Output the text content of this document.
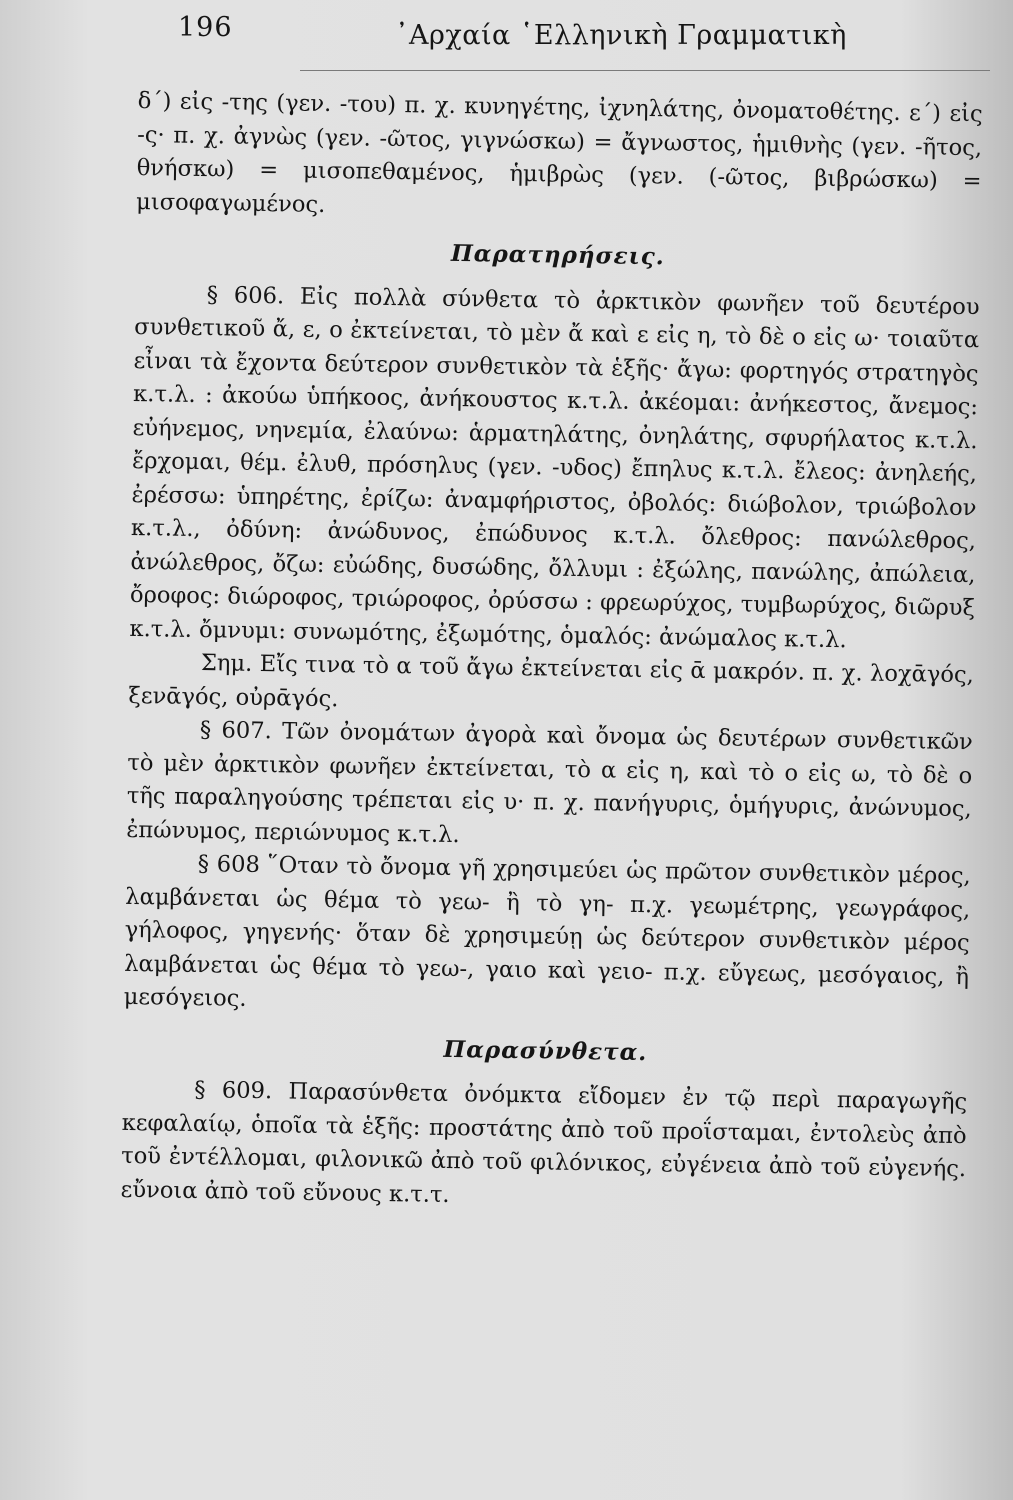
196	᾿Αρχαία ῾Ελληνικὴ Γραμματικὴ

δ΄) εἰς -της (γεν. -του) π. χ. κυνηγέτης, ἰχνηλάτης, ὀνοματοθέτης. ε΄) εἰς -ς· π. χ. ἀγνὼς (γεν. -ῶτος, γιγνώσκω) = ἄγνωστος, ἡμιθνὴς (γεν. -ῆτος, θνήσκω) = μισοπεθαμένος, ἡμιβρὼς (γεν. (-ῶτος, βιβρώσκω) = μισοφαγωμένος.

Παρατηρήσεις.

§ 606. Εἰς πολλὰ σύνθετα τὸ ἀρκτικὸν φωνῆεν τοῦ δευτέρου συνθετικοῦ ἄ, ε, ο ἐκτείνεται, τὸ μὲν ἄ καὶ ε εἰς η, τὸ δὲ ο εἰς ω· τοιαῦτα εἶναι τὰ ἔχοντα δεύτερον συνθετικὸν τὰ ἑξῆς· ἄγω: φορτηγός στρατηγὸς κ.τ.λ. : ἀκούω ὑπήκοος, ἀνήκουστος κ.τ.λ. ἀκέομαι: ἀνήκεστος, ἄνεμος: εὐήνεμος, νηνεμία, ἐλαύνω: ἁρματηλάτης, ὀνηλάτης, σφυρήλατος κ.τ.λ. ἔρχομαι, θέμ. ἐλυθ, πρόσηλυς (γεν. -υδος) ἔπηλυς κ.τ.λ. ἔλεος: ἀνηλεής, ἐρέσσω: ὑπηρέτης, ἐρίζω: ἀναμφήριστος, ὀβολός: διώβολον, τριώβολον κ.τ.λ., ὀδύνη: ἀνώδυνος, ἐπώδυνος κ.τ.λ. ὄλεθρος: πανώλεθρος, ἀνώλεθρος, ὄζω: εὐώδης, δυσώδης, ὄλλυμι : ἐξώλης, πανώλης, ἀπώλεια, ὄροφος: διώροφος, τριώροφος, ὀρύσσω : φρεωρύχος, τυμβωρύχος, διῶρυξ κ.τ.λ. ὄμνυμι: συνωμότης, ἐξωμότης, ὁμαλός: ἀνώμαλος κ.τ.λ.

Σημ. Εἴς τινα τὸ α τοῦ ἄγω ἐκτείνεται εἰς ᾱ μακρόν. π. χ. λοχᾱγός, ξενᾱγός, οὐρᾱγός.

§ 607. Τῶν ὀνομάτων ἀγορὰ καὶ ὄνομα ὡς δευτέρων συνθετικῶν τὸ μὲν ἀρκτικὸν φωνῆεν ἐκτείνεται, τὸ α εἰς η, καὶ τὸ ο εἰς ω, τὸ δὲ ο τῆς παραληγούσης τρέπεται εἰς υ· π. χ. πανήγυρις, ὁμήγυρις, ἀνώνυμος, ἐπώνυμος, περιώνυμος κ.τ.λ.

§ 608 ῞Οταν τὸ ὄνομα γῆ χρησιμεύει ὡς πρῶτον συνθετικὸν μέρος, λαμβάνεται ὡς θέμα τὸ γεω- ἢ τὸ γη- π.χ. γεωμέτρης, γεωγράφος, γήλοφος, γηγενής· ὅταν δὲ χρησιμεύῃ ὡς δεύτερον συνθετικὸν μέρος λαμβάνεται ὡς θέμα τὸ γεω-, γαιο καὶ γειο- π.χ. εὔγεως, μεσόγαιος, ἢ μεσόγειος.

Παρασύνθετα.

§ 609. Παρασύνθετα ὀνόμκτα εἴδομεν ἐν τῷ περὶ παραγωγῆς κεφαλαίῳ, ὁποῖα τὰ ἑξῆς: προστάτης ἀπὸ τοῦ προΐσταμαι, ἐντολεὺς ἀπὸ τοῦ ἐντέλλομαι, φιλονικῶ ἀπὸ τοῦ φιλόνικος, εὐγένεια ἀπὸ τοῦ εὐγενής. εὔνοια ἀπὸ τοῦ εὔνους κ.τ.τ.
